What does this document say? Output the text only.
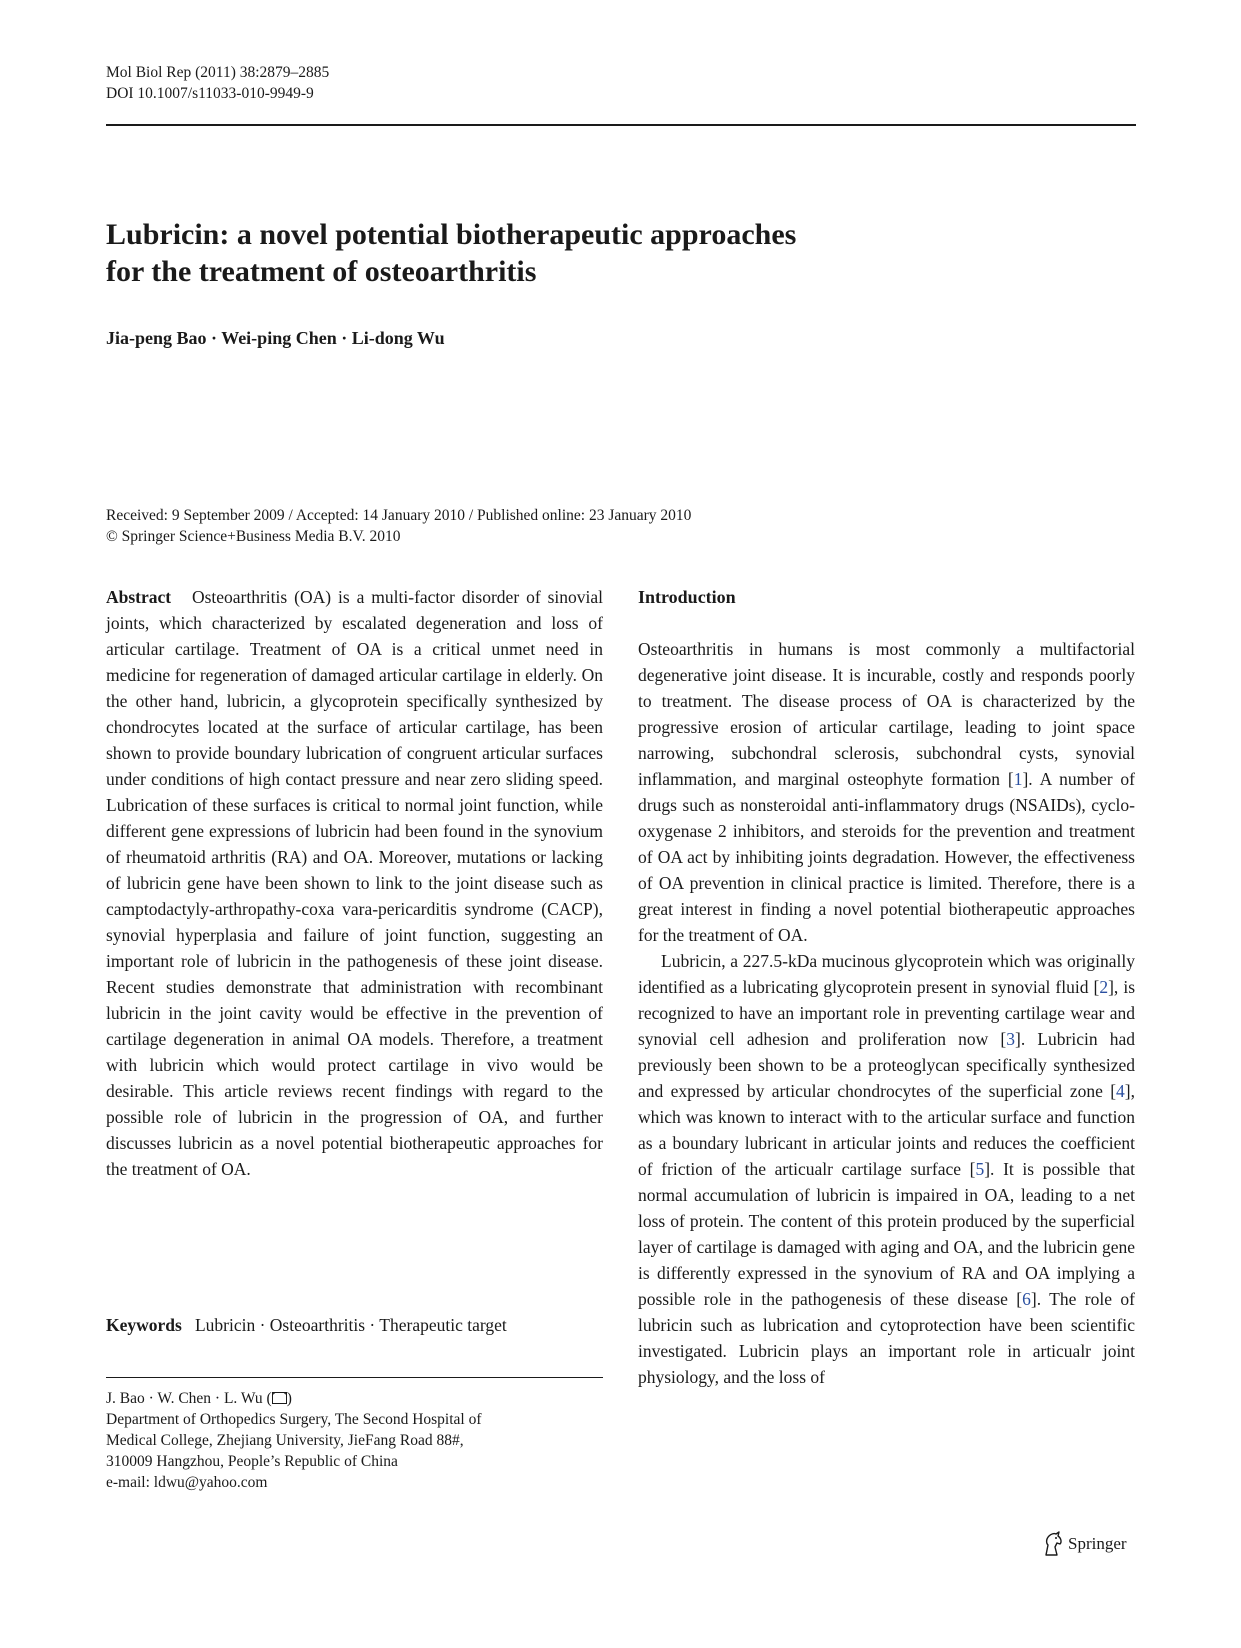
Mol Biol Rep (2011) 38:2879–2885
DOI 10.1007/s11033-010-9949-9
Lubricin: a novel potential biotherapeutic approaches
for the treatment of osteoarthritis
Jia-peng Bao · Wei-ping Chen · Li-dong Wu
Received: 9 September 2009 / Accepted: 14 January 2010 / Published online: 23 January 2010
© Springer Science+Business Media B.V. 2010

Abstract Osteoarthritis (OA) is a multi-factor disorder of sinovial joints, which characterized by escalated degeneration and loss of articular cartilage. Treatment of OA is a critical unmet need in medicine for regeneration of damaged articular cartilage in elderly. On the other hand, lubricin, a glycoprotein specifically synthesized by chondrocytes located at the surface of articular cartilage, has been shown to provide boundary lubrication of congruent articular surfaces under conditions of high contact pressure and near zero sliding speed. Lubrication of these surfaces is critical to normal joint function, while different gene expressions of lubricin had been found in the synovium of rheumatoid arthritis (RA) and OA. Moreover, mutations or lacking of lubricin gene have been shown to link to the joint disease such as camptodactyly-arthropathy-coxa vara-pericarditis syndrome (CACP), synovial hyperplasia and failure of joint function, suggesting an important role of lubricin in the pathogenesis of these joint disease. Recent studies demonstrate that administration with recombinant lubricin in the joint cavity would be effective in the prevention of cartilage degeneration in animal OA models. Therefore, a treatment with lubricin which would protect cartilage in vivo would be desirable. This article reviews recent findings with regard to the possible role of lubricin in the progression of OA, and further discusses lubricin as a novel potential biotherapeutic approaches for the treatment of OA.

Keywords Lubricin · Osteoarthritis · Therapeutic target
J. Bao · W. Chen · L. Wu ( )
Department of Orthopedics Surgery, The Second Hospital of
Medical College, Zhejiang University, JieFang Road 88#,
310009 Hangzhou, People’s Republic of China
e-mail: ldwu@yahoo.com
Introduction

Osteoarthritis in humans is most commonly a multifactorial degenerative joint disease. It is incurable, costly and responds poorly to treatment. The disease process of OA is characterized by the progressive erosion of articular cartilage, leading to joint space narrowing, subchondral sclerosis, subchondral cysts, synovial inflammation, and marginal osteophyte formation [1]. A number of drugs such as nonsteroidal anti-inflammatory drugs (NSAIDs), cyclooxygenase 2 inhibitors, and steroids for the prevention and treatment of OA act by inhibiting joints degradation. However, the effectiveness of OA prevention in clinical practice is limited. Therefore, there is a great interest in finding a novel potential biotherapeutic approaches for the treatment of OA.

Lubricin, a 227.5-kDa mucinous glycoprotein which was originally identified as a lubricating glycoprotein present in synovial fluid [2], is recognized to have an important role in preventing cartilage wear and synovial cell adhesion and proliferation now [3]. Lubricin had previously been shown to be a proteoglycan specifically synthesized and expressed by articular chondrocytes of the superficial zone [4], which was known to interact with to the articular surface and function as a boundary lubricant in articular joints and reduces the coefficient of friction of the articualr cartilage surface [5]. It is possible that normal accumulation of lubricin is impaired in OA, leading to a net loss of protein. The content of this protein produced by the superficial layer of cartilage is damaged with aging and OA, and the lubricin gene is differently expressed in the synovium of RA and OA implying a possible role in the pathogenesis of these disease [6]. The role of lubricin such as lubrication and cytoprotection have been scientific investigated. Lubricin plays an important role in articualr joint physiology, and the loss of

Springer
